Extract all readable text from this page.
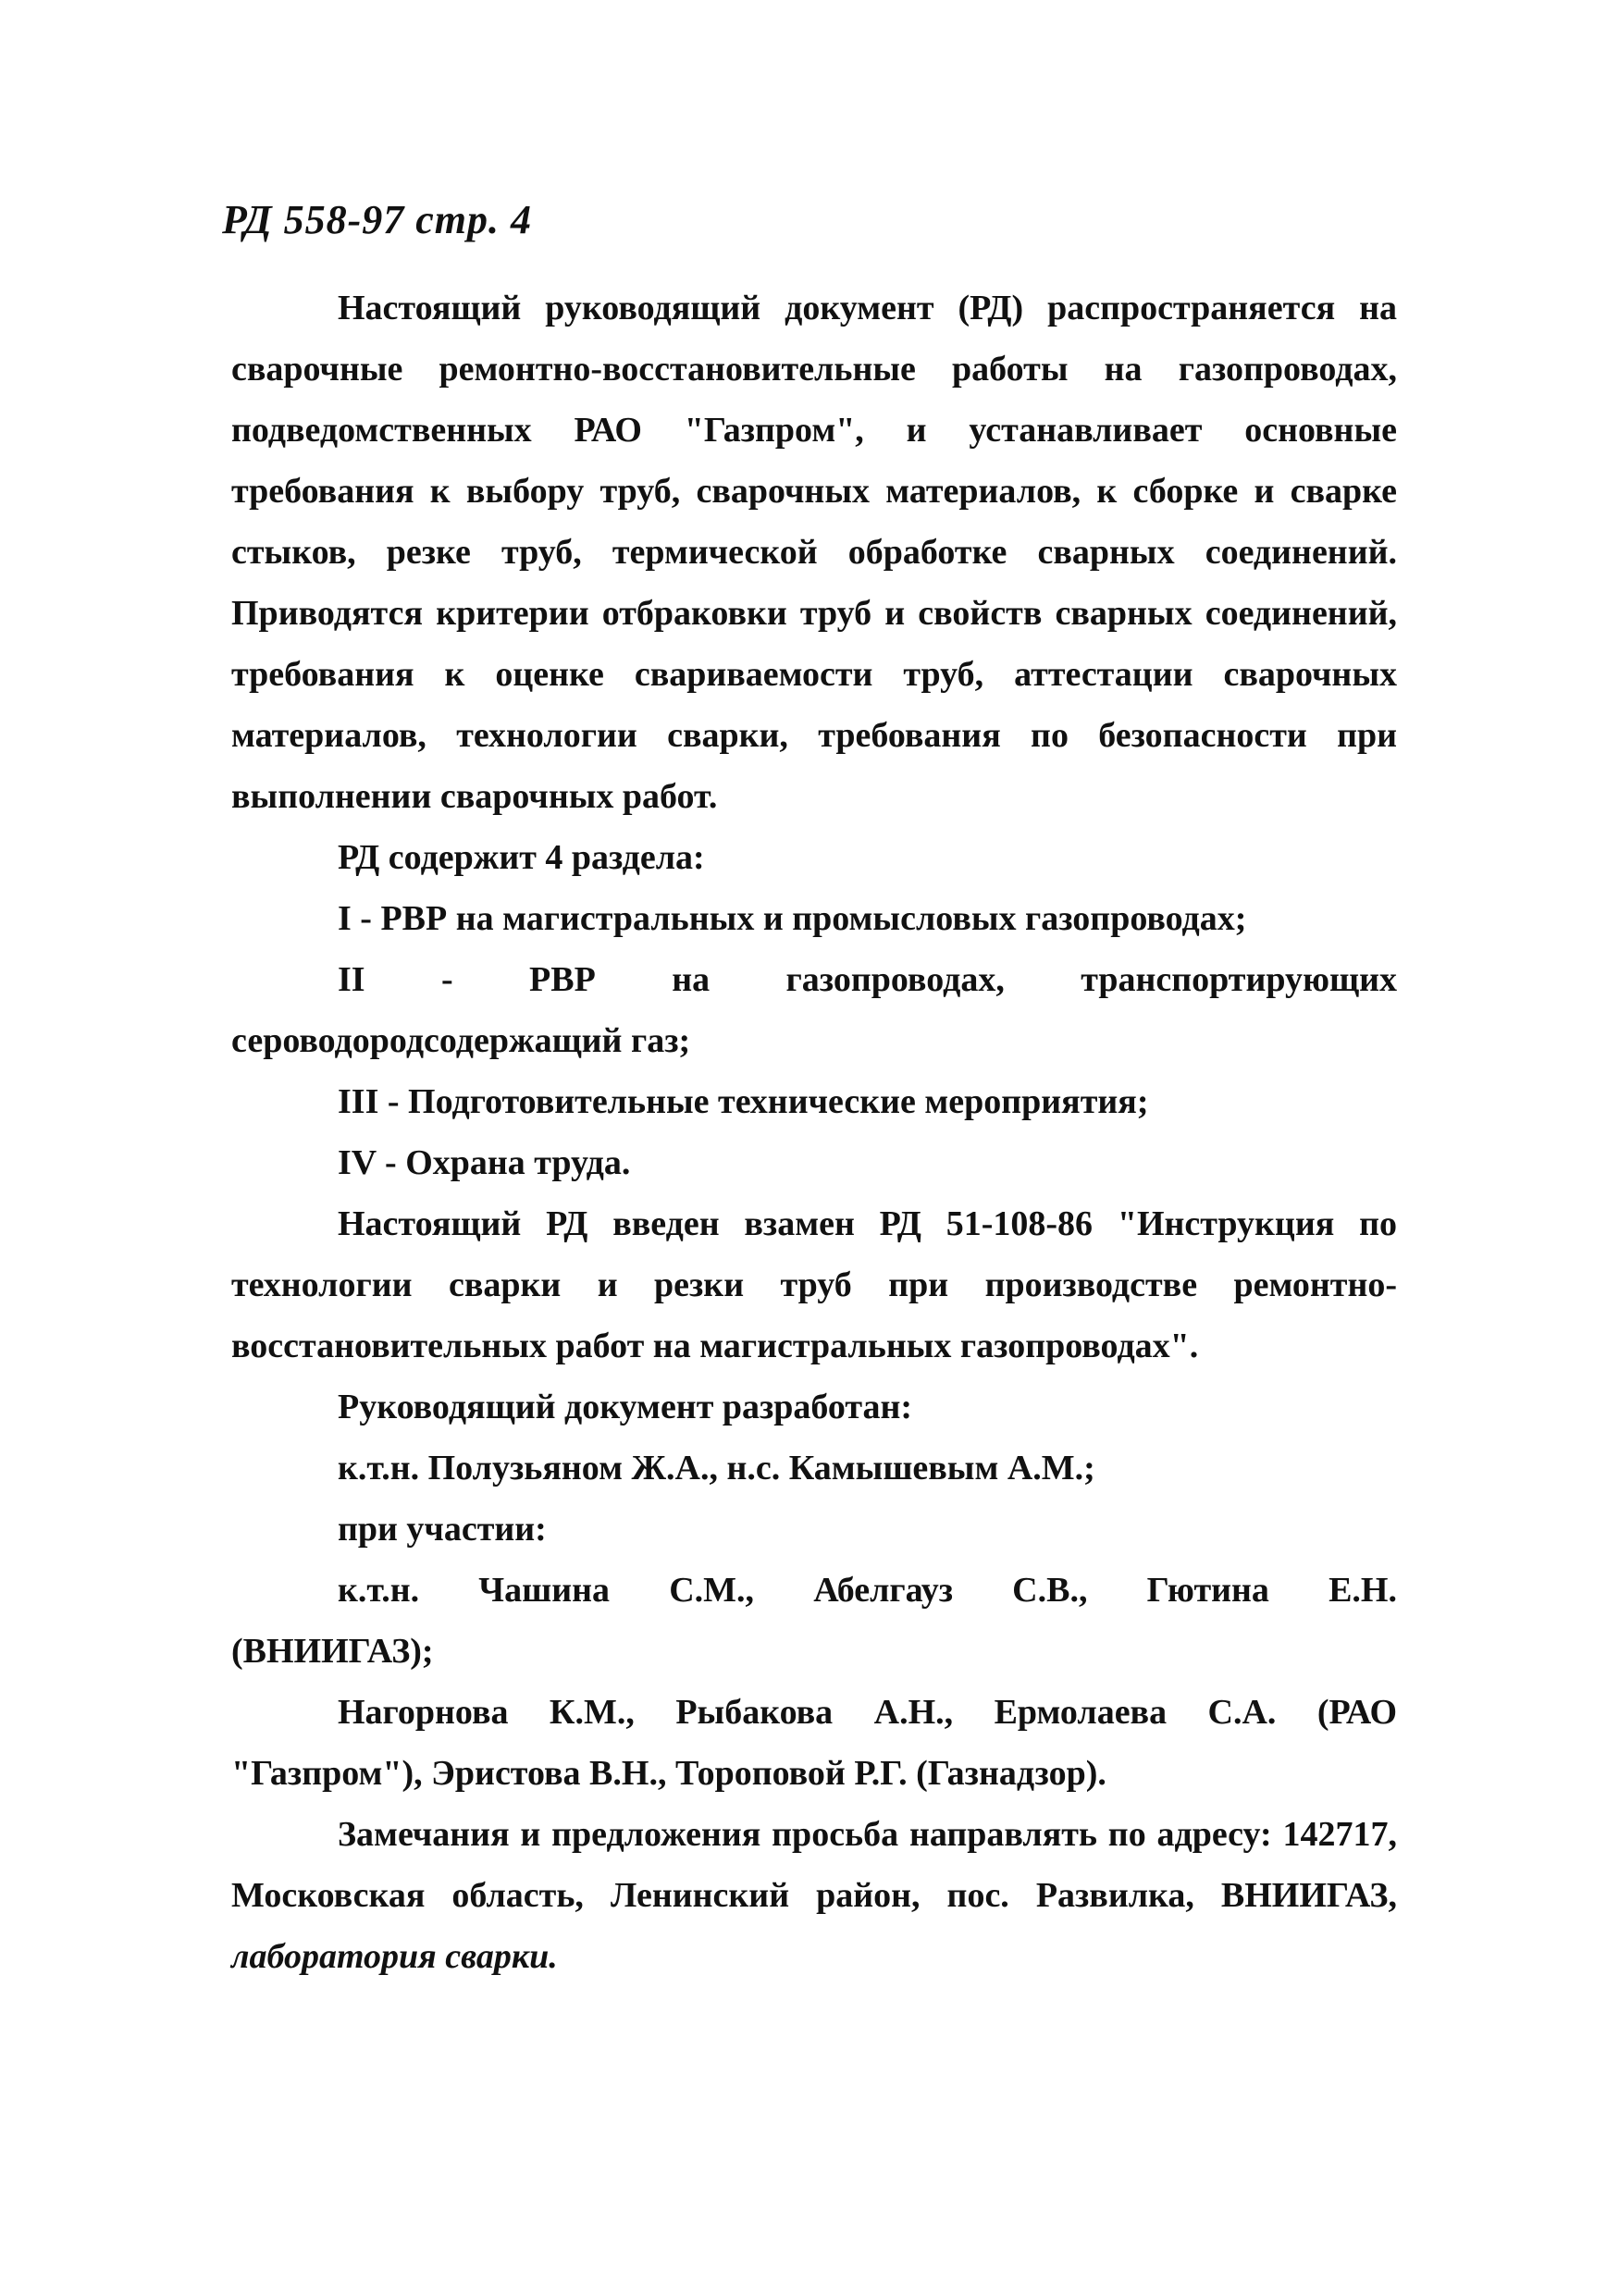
РД 558-97 стр. 4

Настоящий руководящий документ (РД) распространяется на сварочные ремонтно-восстановительные работы на газопроводах, подведомственных РАО "Газпром", и устанавливает основные требования к выбору труб, сварочных материалов, к сборке и сварке стыков, резке труб, термической обработке сварных соединений. Приводятся критерии отбраковки труб и свойств сварных соединений, требования к оценке свариваемости труб, аттестации сварочных материалов, технологии сварки, требования по безопасности при выполнении сварочных работ.

РД содержит 4 раздела:

I - РВР на магистральных и промысловых газопроводах;

II - РВР на газопроводах, транспортирующих сероводородсодержащий газ;

III - Подготовительные технические мероприятия;

IV - Охрана труда.

Настоящий РД введен взамен РД 51-108-86 "Инструкция по технологии сварки и резки труб при производстве ремонтно-восстановительных работ на магистральных газопроводах".

Руководящий документ разработан:

к.т.н. Полузьяном Ж.А., н.с. Камышевым А.М.;

при участии:

к.т.н. Чашина С.М., Абелгауз С.В., Гютина Е.Н. (ВНИИГАЗ);

Нагорнова К.М., Рыбакова А.Н., Ермолаева С.А. (РАО "Газпром"), Эристова В.Н., Тороповой Р.Г. (Газнадзор).

Замечания и предложения просьба направлять по адресу: 142717, Московская область, Ленинский район, пос. Развилка, ВНИИГАЗ, лаборатория сварки.
